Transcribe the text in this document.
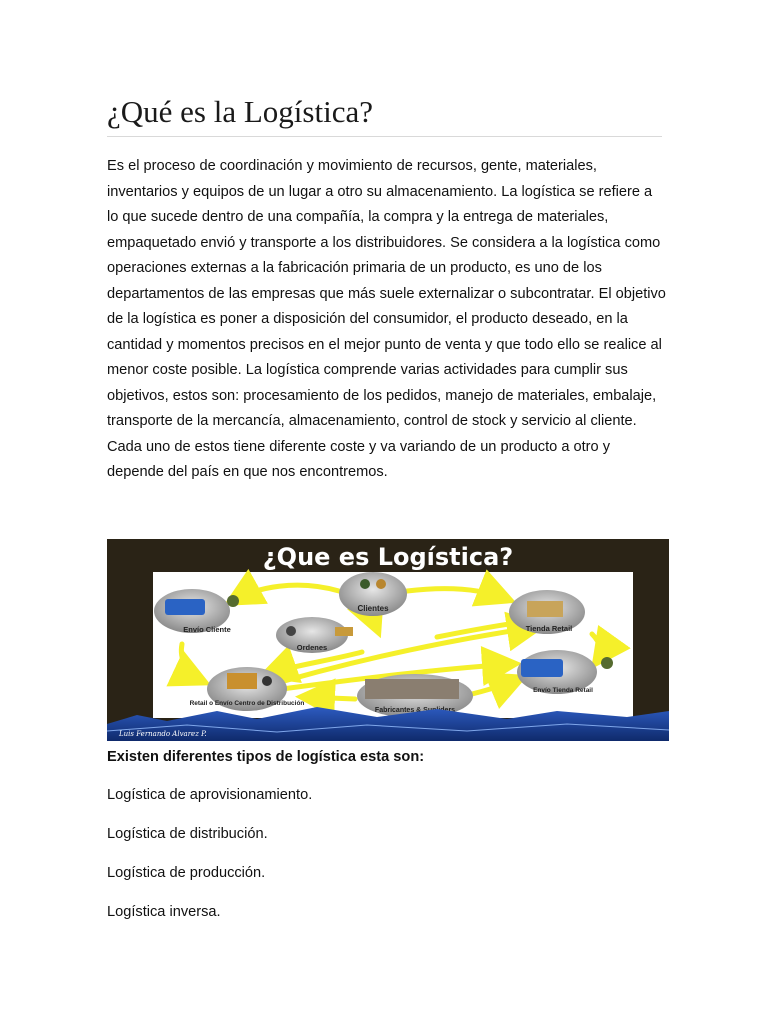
¿Qué es la Logística?

Es el proceso de coordinación y movimiento de recursos, gente, materiales, inventarios y equipos de un lugar a otro su almacenamiento. La logística se refiere a lo que sucede dentro de una compañía, la compra y la entrega de materiales, empaquetado envió y transporte a los distribuidores. Se considera a la logística como operaciones externas a la fabricación primaria de un producto, es uno de los departamentos de las empresas que más suele externalizar o subcontratar. El objetivo de la logística es poner a disposición del consumidor, el producto deseado, en la cantidad y momentos precisos en el mejor punto de venta y que todo ello se realice al menor coste posible. La logística comprende varias actividades para cumplir sus objetivos, estos son: procesamiento de los pedidos, manejo de materiales, embalaje, transporte de la mercancía, almacenamiento, control de stock y servicio al cliente. Cada uno de estos tiene diferente coste y va variando de un producto a otro y depende del país en que nos encontremos.

¿Que es Logística?
Clientes
Envío Cliente
Ordenes
Tienda Retail
Retail o Envío Centro de Distribución
Fabricantes & Supliders
Envío Tienda Retail
Luis Fernando Alvarez P.

Existen diferentes tipos de logística esta son:

Logística de aprovisionamiento.
Logística de distribución.
Logística de producción.
Logística inversa.
